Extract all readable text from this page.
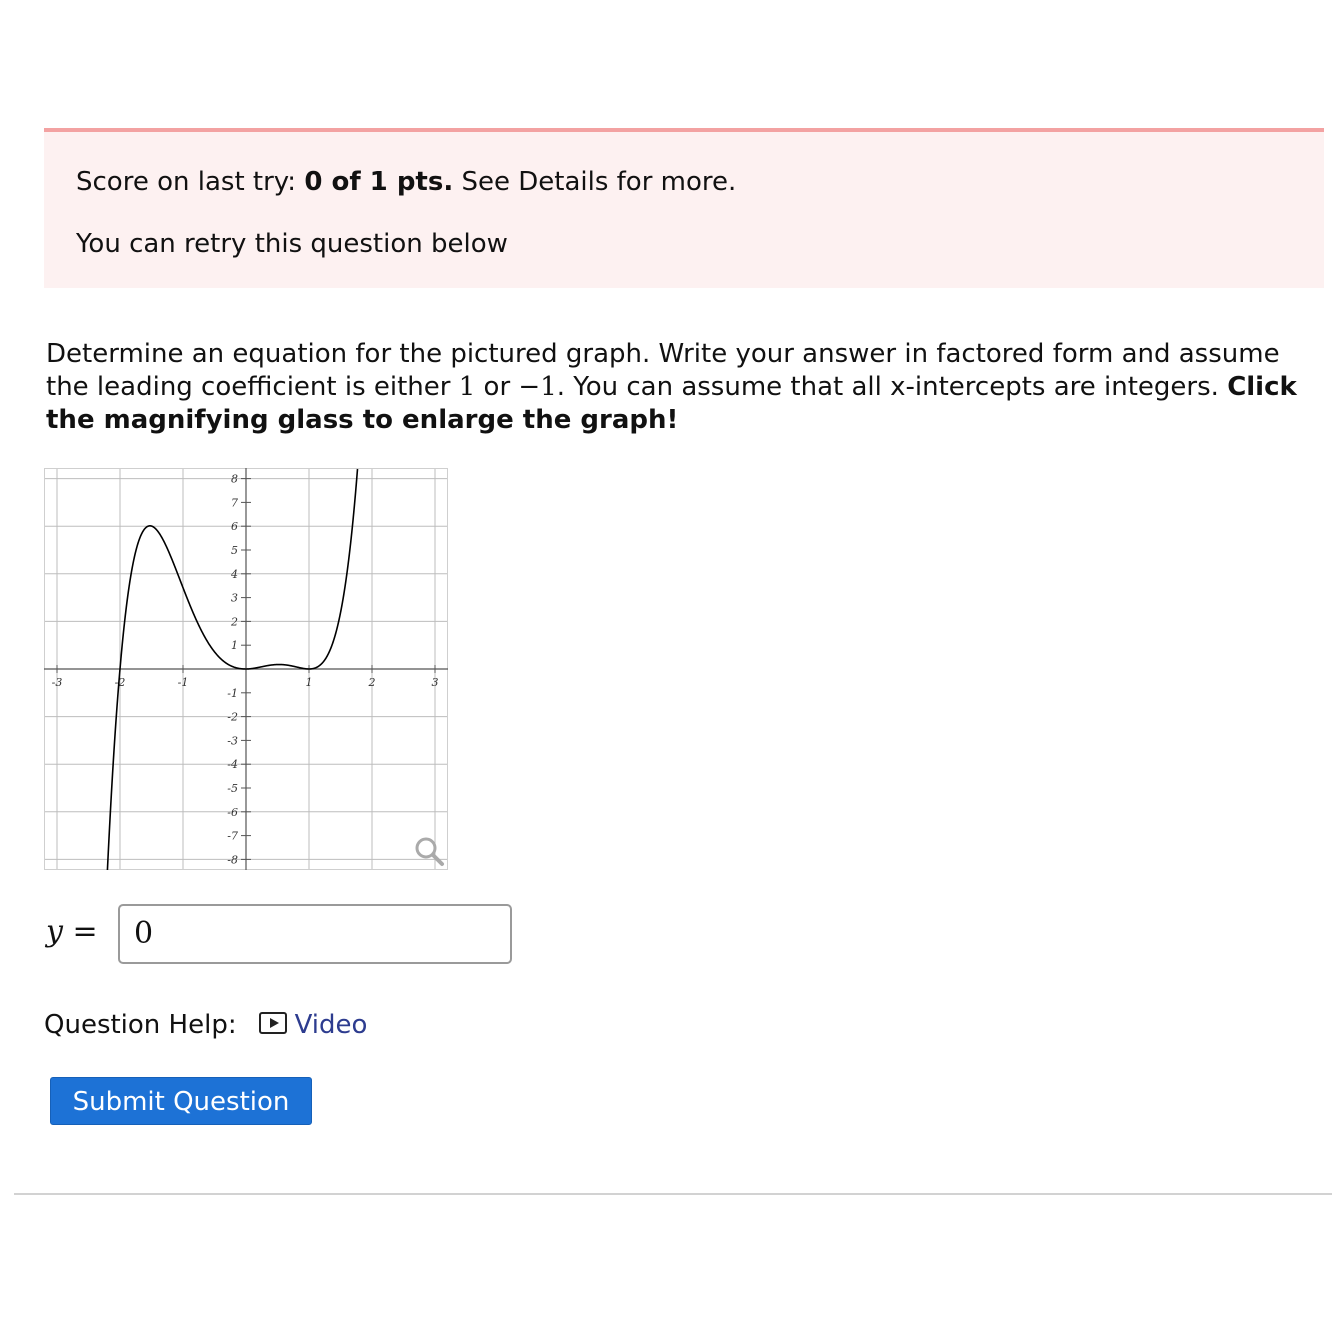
Score on last try: 0 of 1 pts. See Details for more.
You can retry this question below
Determine an equation for the pictured graph. Write your answer in factored form and assume the leading coefficient is either 1 or −1. You can assume that all x-intercepts are integers. Click the magnifying glass to enlarge the graph!
-8
-7
-6
-5
-4
-3
-2
-1
1
2
3
4
5
6
7
8
-3	-2	-1	1	2	3
y =	0
Question Help: Video
Submit Question
